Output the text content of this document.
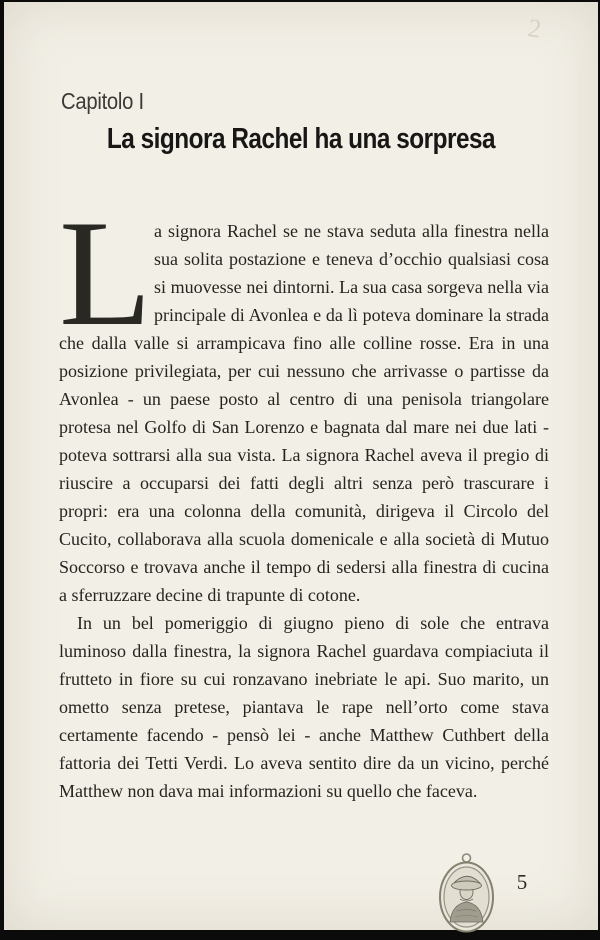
2
Capitolo I
La signora Rachel ha una sorpresa

L a signora Rachel se ne stava seduta alla finestra nella sua solita postazione e teneva d’occhio qualsiasi cosa si muovesse nei dintorni. La sua casa sorgeva nella via principale di Avonlea e da lì poteva dominare la strada che dalla valle si arrampicava fino alle colline rosse. Era in una posizione privilegiata, per cui nessuno che arrivasse o partisse da Avonlea - un paese posto al centro di una penisola triangolare protesa nel Golfo di San Lorenzo e bagnata dal mare nei due lati - poteva sottrarsi alla sua vista. La signora Rachel aveva il pregio di riuscire a occuparsi dei fatti degli altri senza però trascurare i propri: era una colonna della comunità, dirigeva il Circolo del Cucito, collaborava alla scuola domenicale e alla società di Mutuo Soccorso e trovava anche il tempo di sedersi alla finestra di cucina a sferruzzare decine di trapunte di cotone.

In un bel pomeriggio di giugno pieno di sole che entrava luminoso dalla finestra, la signora Rachel guardava compiaciuta il frutteto in fiore su cui ronzavano inebriate le api. Suo marito, un ometto senza pretese, piantava le rape nell’orto come stava certamente facendo - pensò lei - anche Matthew Cuthbert della fattoria dei Tetti Verdi. Lo aveva sentito dire da un vicino, perché Matthew non dava mai informazioni su quello che faceva.

5
